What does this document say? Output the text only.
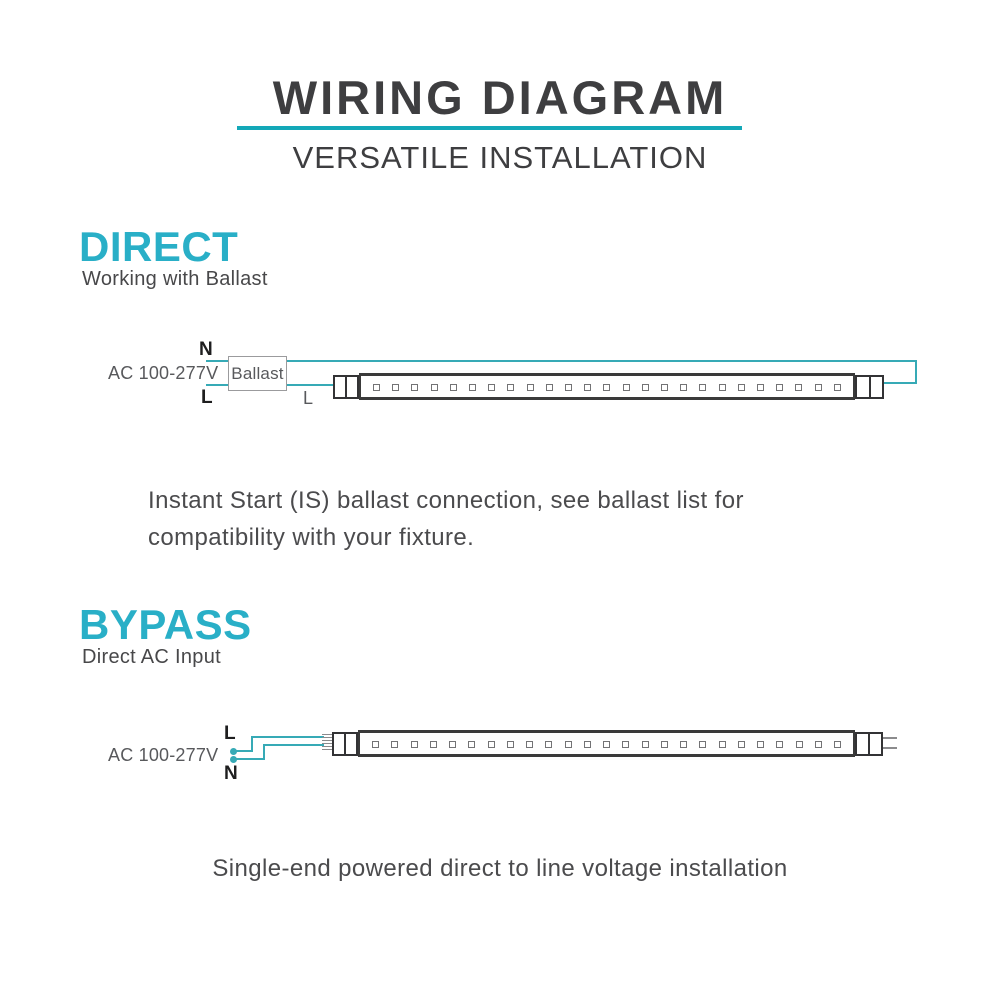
WIRING DIAGRAM
VERSATILE INSTALLATION
DIRECT
Working with Ballast
AC 100-277V
N
L
Ballast
L
Instant Start (IS) ballast connection, see ballast list for
compatibility with your fixture.
BYPASS
Direct AC Input
AC 100-277V
L
N
Single-end powered direct to line voltage installation
